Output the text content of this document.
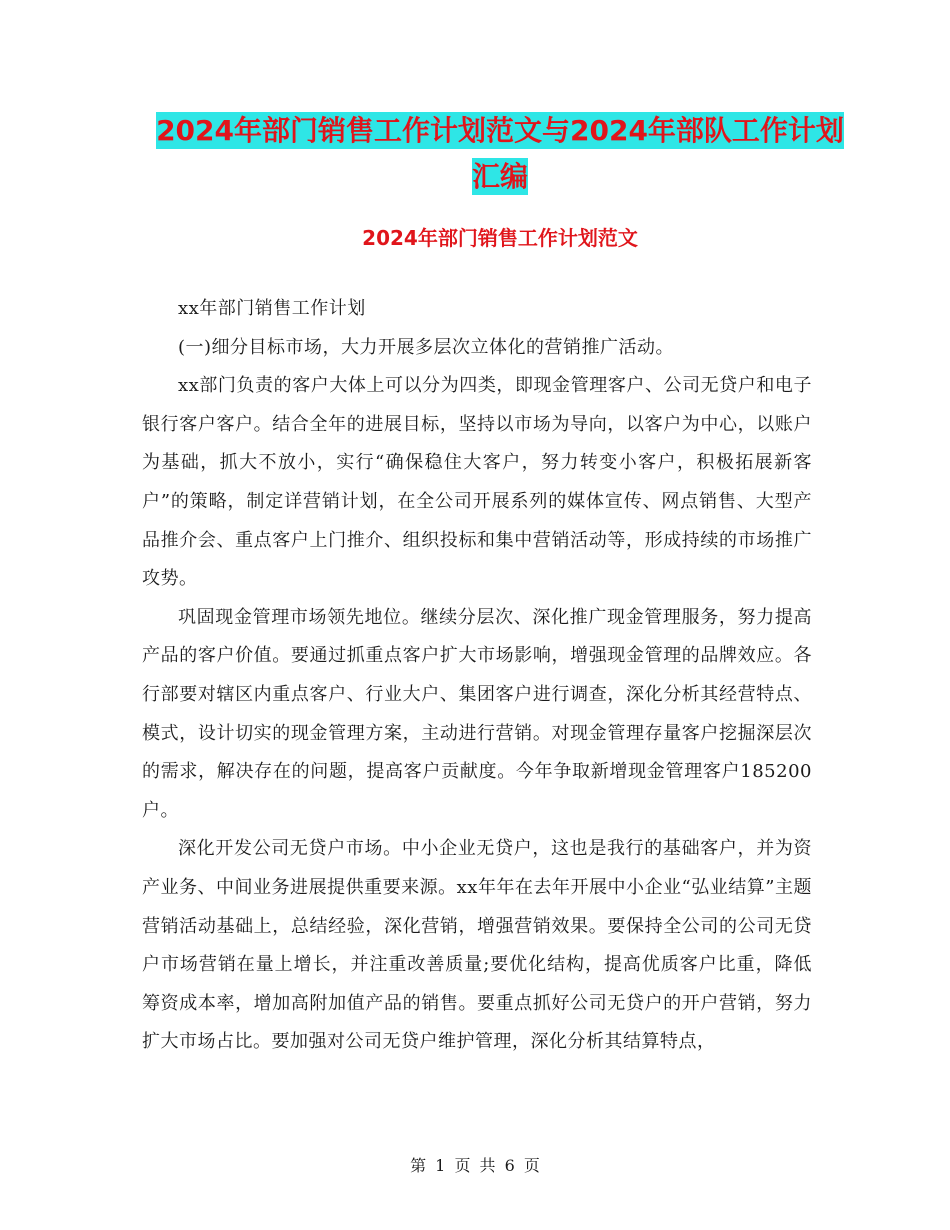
2024年部门销售工作计划范文与2024年部队工作计划
汇编
2024年部门销售工作计划范文

xx年部门销售工作计划

(一)细分目标市场，大力开展多层次立体化的营销推广活动。

xx部门负责的客户大体上可以分为四类，即现金管理客户、公司无贷户和电子银行客户客户。结合全年的进展目标，坚持以市场为导向，以客户为中心，以账户为基础，抓大不放小，实行“确保稳住大客户，努力转变小客户，积极拓展新客户”的策略，制定详营销计划，在全公司开展系列的媒体宣传、网点销售、大型产品推介会、重点客户上门推介、组织投标和集中营销活动等，形成持续的市场推广攻势。

巩固现金管理市场领先地位。继续分层次、深化推广现金管理服务，努力提高产品的客户价值。要通过抓重点客户扩大市场影响，增强现金管理的品牌效应。各行部要对辖区内重点客户、行业大户、集团客户进行调查，深化分析其经营特点、模式，设计切实的现金管理方案，主动进行营销。对现金管理存量客户挖掘深层次的需求，解决存在的问题，提高客户贡献度。今年争取新增现金管理客户185200户。

深化开发公司无贷户市场。中小企业无贷户，这也是我行的基础客户，并为资产业务、中间业务进展提供重要来源。xx年年在去年开展中小企业“弘业结算”主题营销活动基础上，总结经验，深化营销，增强营销效果。要保持全公司的公司无贷户市场营销在量上增长，并注重改善质量;要优化结构，提高优质客户比重，降低筹资成本率，增加高附加值产品的销售。要重点抓好公司无贷户的开户营销，努力扩大市场占比。要加强对公司无贷户维护管理，深化分析其结算特点，

第 1 页 共 6 页
